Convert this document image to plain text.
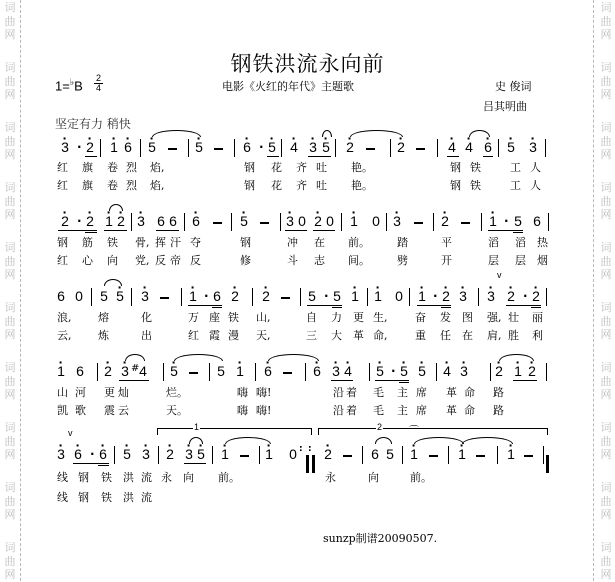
词
曲
网
词
曲
网
词
曲
网
词
曲
网
词
曲
网
词
曲
网
词
曲
网
词
曲
网
词
曲
网
词
曲
网
词
曲
网
词
曲
网
词
曲
网
词
曲
网
词
曲
网
词
曲
网
词
曲
网
词
曲
网
词
曲
网
词
曲
网
钢铁洪流永向前
1=♭B
2
4	电影《火红的年代》主题歌	史 俊词
吕其明曲
坚定有力 稍快
· 3 · · 2 · 1 · 6 · 5	· 5	· 6 · · 5 · 4 · 3 · 5 · 2	· 2	· 4 · 4 · 6 · 5 · 3
红 旗 卷 烈 焰,	钢 花 齐 吐 艳。	钢 铁	工 人
红 旗 卷 烈 焰,	钢 花 齐 吐 艳。	钢 铁	工 人
· 2 · · 2 · 1 · 2 · 3 6 6 · 6	· 5	· 3 0 · 2 0 · 1 0 · 3	· 2	· 1 · 5 6
钢 筋 铁 骨, 挥 汗 夺	钢	冲 在 前。 踏	平	滔 滔 热
红 心 向 党, 反 帝 反	修	斗 志 间。 劈	开	层 层 烟
6 0 5 · 5 · 3	· 1 · 6 · 2 · 2	5 · 5 · 1 · 1 0 · 1 · · 2 · 3 · 3
v
· 2 · · 2
浪, 熔	化	万 座 铁 山,	自 力 更 生,	奋 发 图 强, 壮 丽
云, 炼	出	红 霞 漫 天,	三 大 革 命,	重 任 在 肩, 胜 利
· 1 6 · 2 · 3 # 4 · 5	5 · 1 · 6	· 6 · 3 · 4 · 5 · · 5 · 5 · 4 · 3 · 2 · 1 · 2
山 河 更 灿	烂。	嗨 嗨!	沿 着 毛 主 席 革 命 路
凯 歌 震 云	天。	嗨 嗨!	沿 着 毛 主 席 革 命 路
v
· 3 · 6 · · 6 · 5 · 3 · 2 · 3 · 5 · 1	· 1 0 :
1
: · 2	6 5 · 1
⌒
· 1	· 1
2
线 钢 铁 洪 流 永 向 前。	永	向	前。
线 钢 铁 洪 流
sunzp制谱20090507.
